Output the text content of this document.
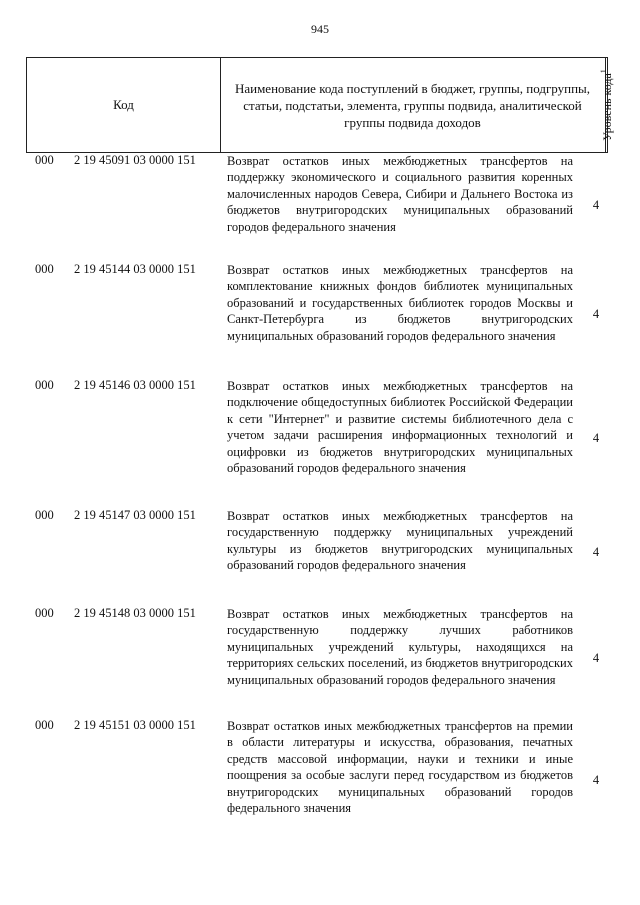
945
Код
Наименование кода поступлений в бюджет, группы, подгруппы, статьи, подстатьи, элемента, группы подвида, аналитической группы подвида доходов	Уровень кода$^1$
000 2 19 45091 03 0000 151 Возврат остатков иных межбюджетных трансфертов на поддержку экономического и социального развития коренных малочисленных народов Севера, Сибири и Дальнего Востока из бюджетов внутригородских муниципальных образований городов федерального значения
4
000 2 19 45144 03 0000 151 Возврат остатков иных межбюджетных трансфертов на комплектование книжных фондов библиотек муниципальных образований и государственных библиотек городов Москвы и Санкт-Петербурга из бюджетов внутригородских муниципальных образований городов федерального значения
4
000 2 19 45146 03 0000 151 Возврат остатков иных межбюджетных трансфертов на подключение общедоступных библиотек Российской Федерации к сети "Интернет" и развитие системы библиотечного дела с учетом задачи расширения информационных технологий и оцифровки из бюджетов внутригородских муниципальных образований городов федерального значения
4
000 2 19 45147 03 0000 151 Возврат остатков иных межбюджетных трансфертов на государственную поддержку муниципальных учреждений культуры из бюджетов внутригородских муниципальных образований городов федерального значения
4
000 2 19 45148 03 0000 151 Возврат остатков иных межбюджетных трансфертов на государственную поддержку лучших работников муниципальных учреждений культуры, находящихся на территориях сельских поселений, из бюджетов внутригородских муниципальных образований городов федерального значения
4
000 2 19 45151 03 0000 151 Возврат остатков иных межбюджетных трансфертов на премии в области литературы и искусства, образования, печатных средств массовой информации, науки и техники и иные поощрения за особые заслуги перед государством из бюджетов внутригородских муниципальных образований городов федерального значения
4
